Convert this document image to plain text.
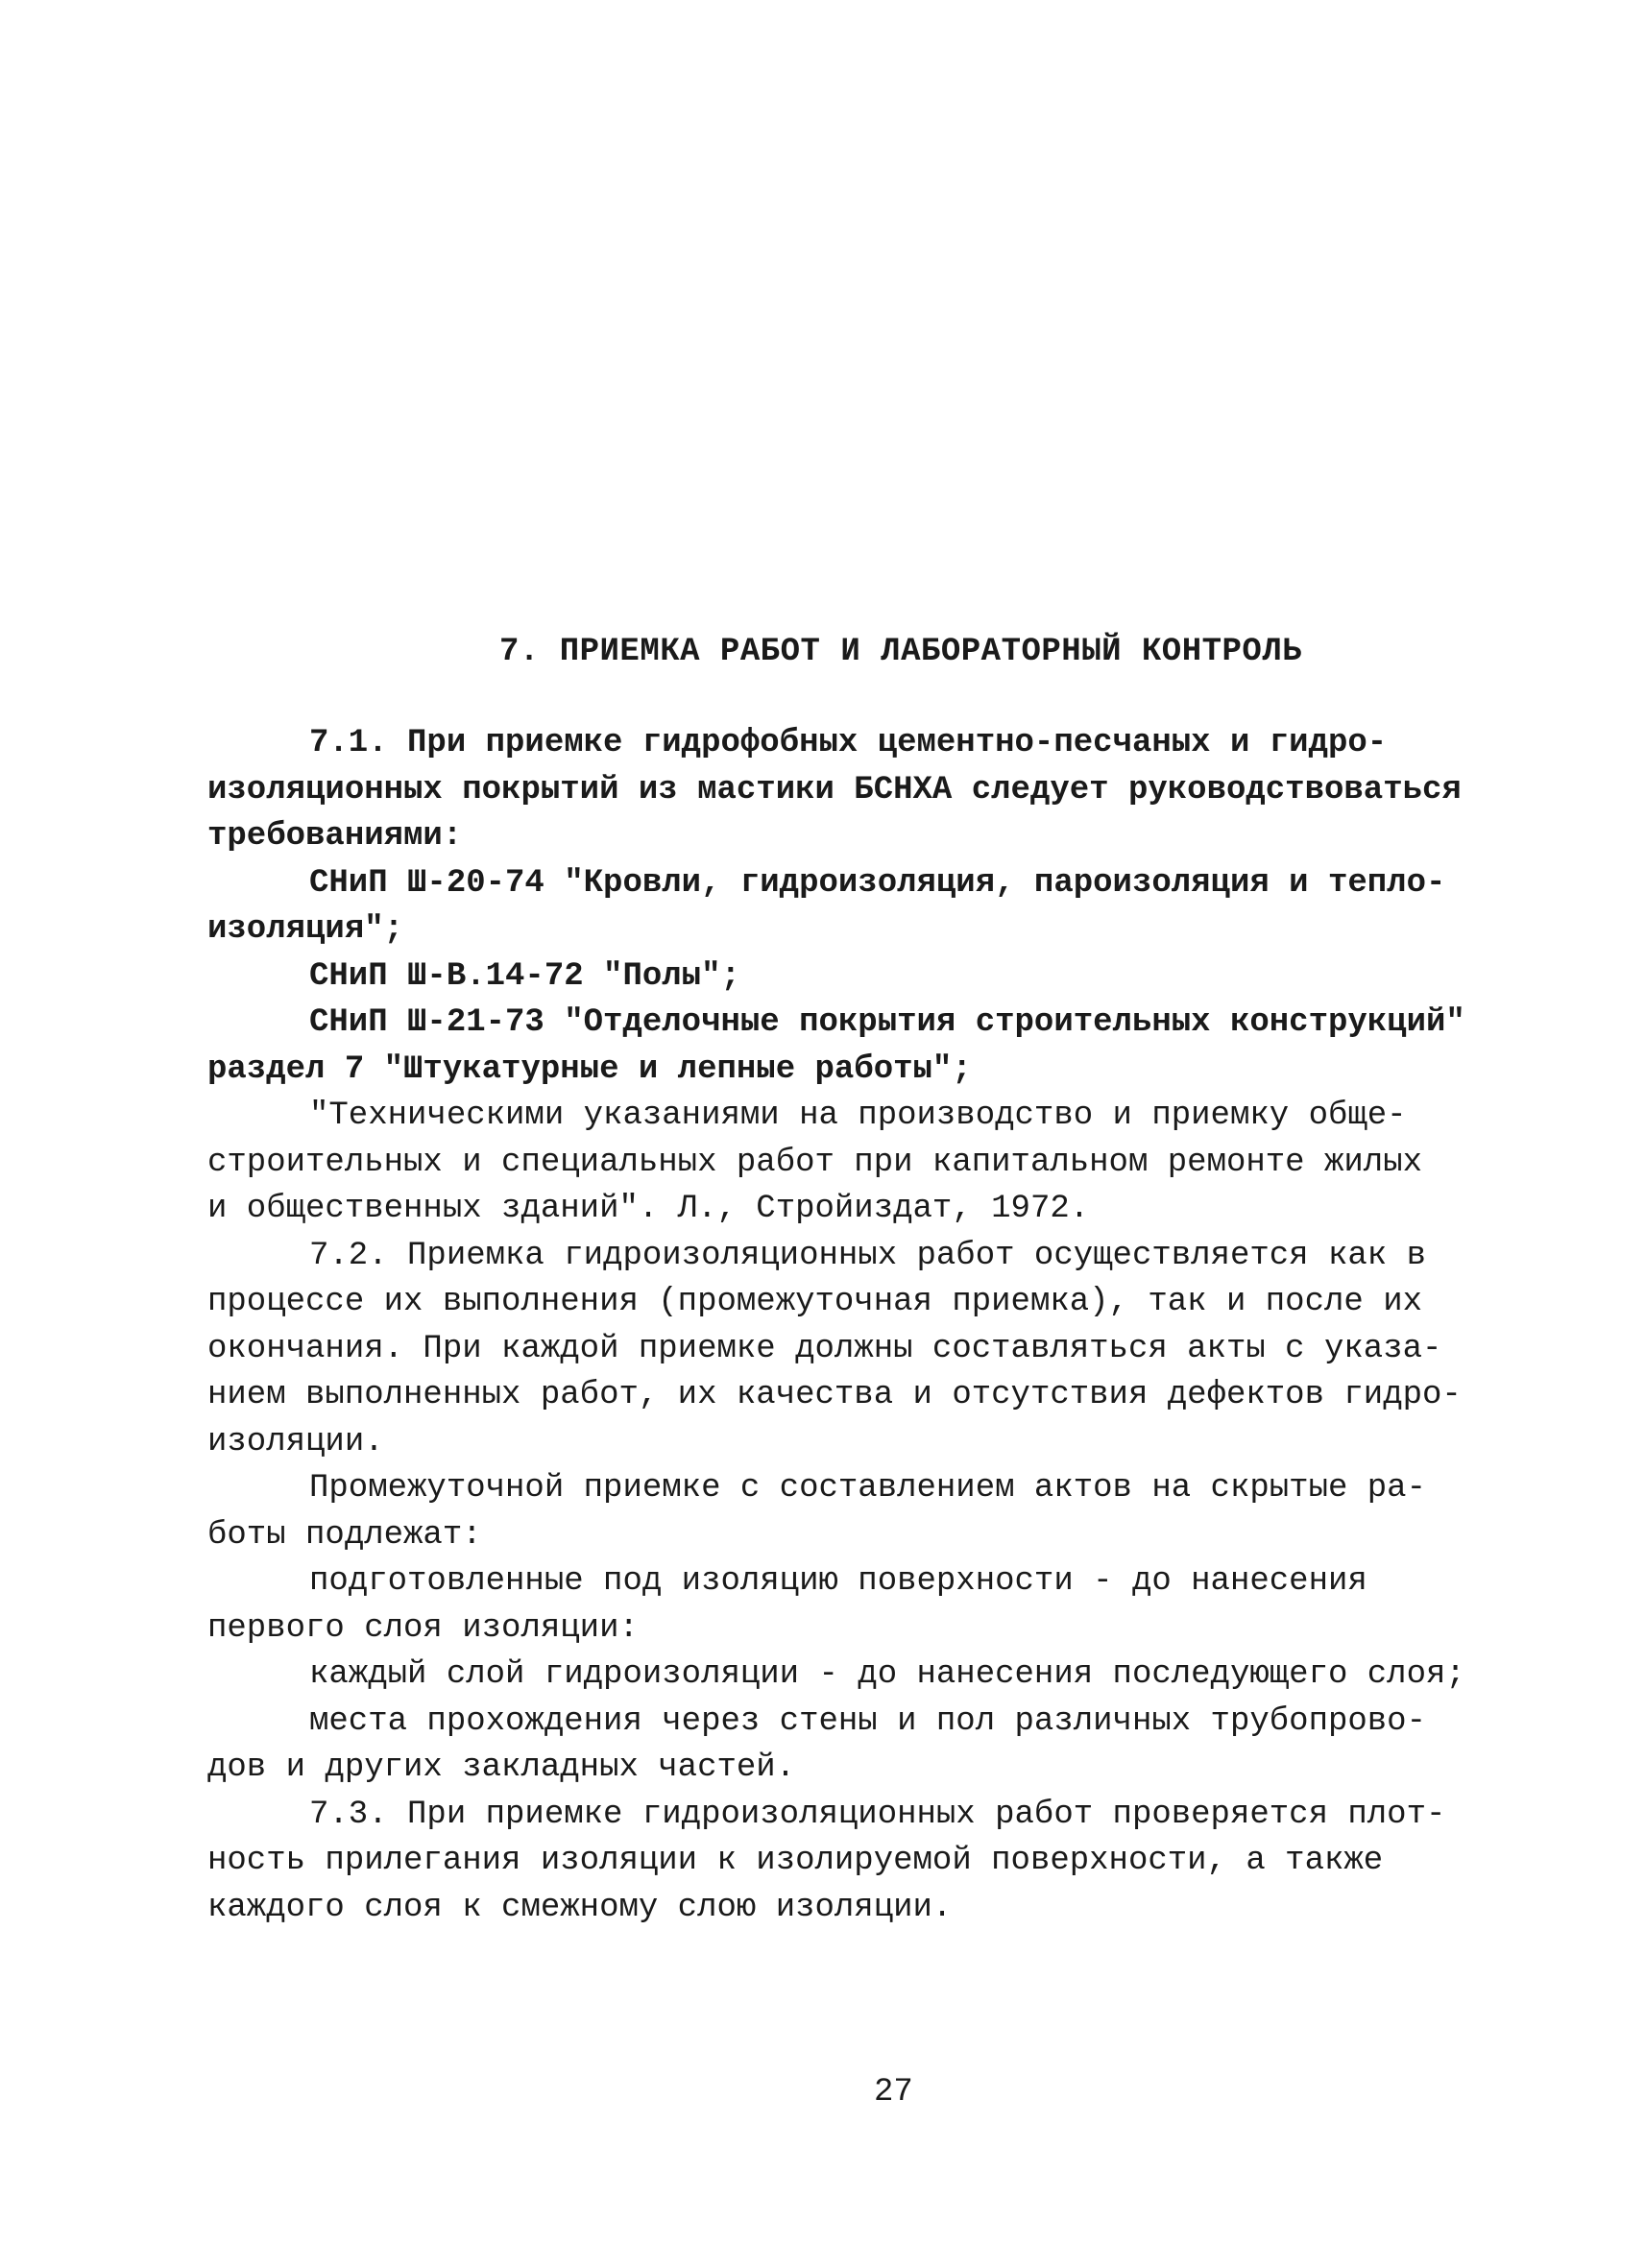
7. ПРИЕМКА РАБОТ И ЛАБОРАТОРНЫЙ КОНТРОЛЬ
7.1. При приемке гидрофобных цементно-песчаных и гидро-
изоляционных покрытий из мастики БСНХА следует руководствоваться
требованиями:
СНиП Ш-20-74 "Кровли, гидроизоляция, пароизоляция и тепло-
изоляция";
СНиП Ш-В.14-72 "Полы";
СНиП Ш-21-73 "Отделочные покрытия строительных конструкций"
раздел 7 "Штукатурные и лепные работы";
"Техническими указаниями на производство и приемку обще-
строительных и специальных работ при капитальном ремонте жилых
и общественных зданий". Л., Стройиздат, 1972.
7.2. Приемка гидроизоляционных работ осуществляется как в
процессе их выполнения (промежуточная приемка), так и после их
окончания. При каждой приемке должны составляться акты с указа-
нием выполненных работ, их качества и отсутствия дефектов гидро-
изоляции.
Промежуточной приемке с составлением актов на скрытые ра-
боты подлежат:
подготовленные под изоляцию поверхности - до нанесения
первого слоя изоляции:
каждый слой гидроизоляции - до нанесения последующего слоя;
места прохождения через стены и пол различных трубопрово-
дов и других закладных частей.
7.3. При приемке гидроизоляционных работ проверяется плот-
ность прилегания изоляции к изолируемой поверхности, а также
каждого слоя к смежному слою изоляции.
27
